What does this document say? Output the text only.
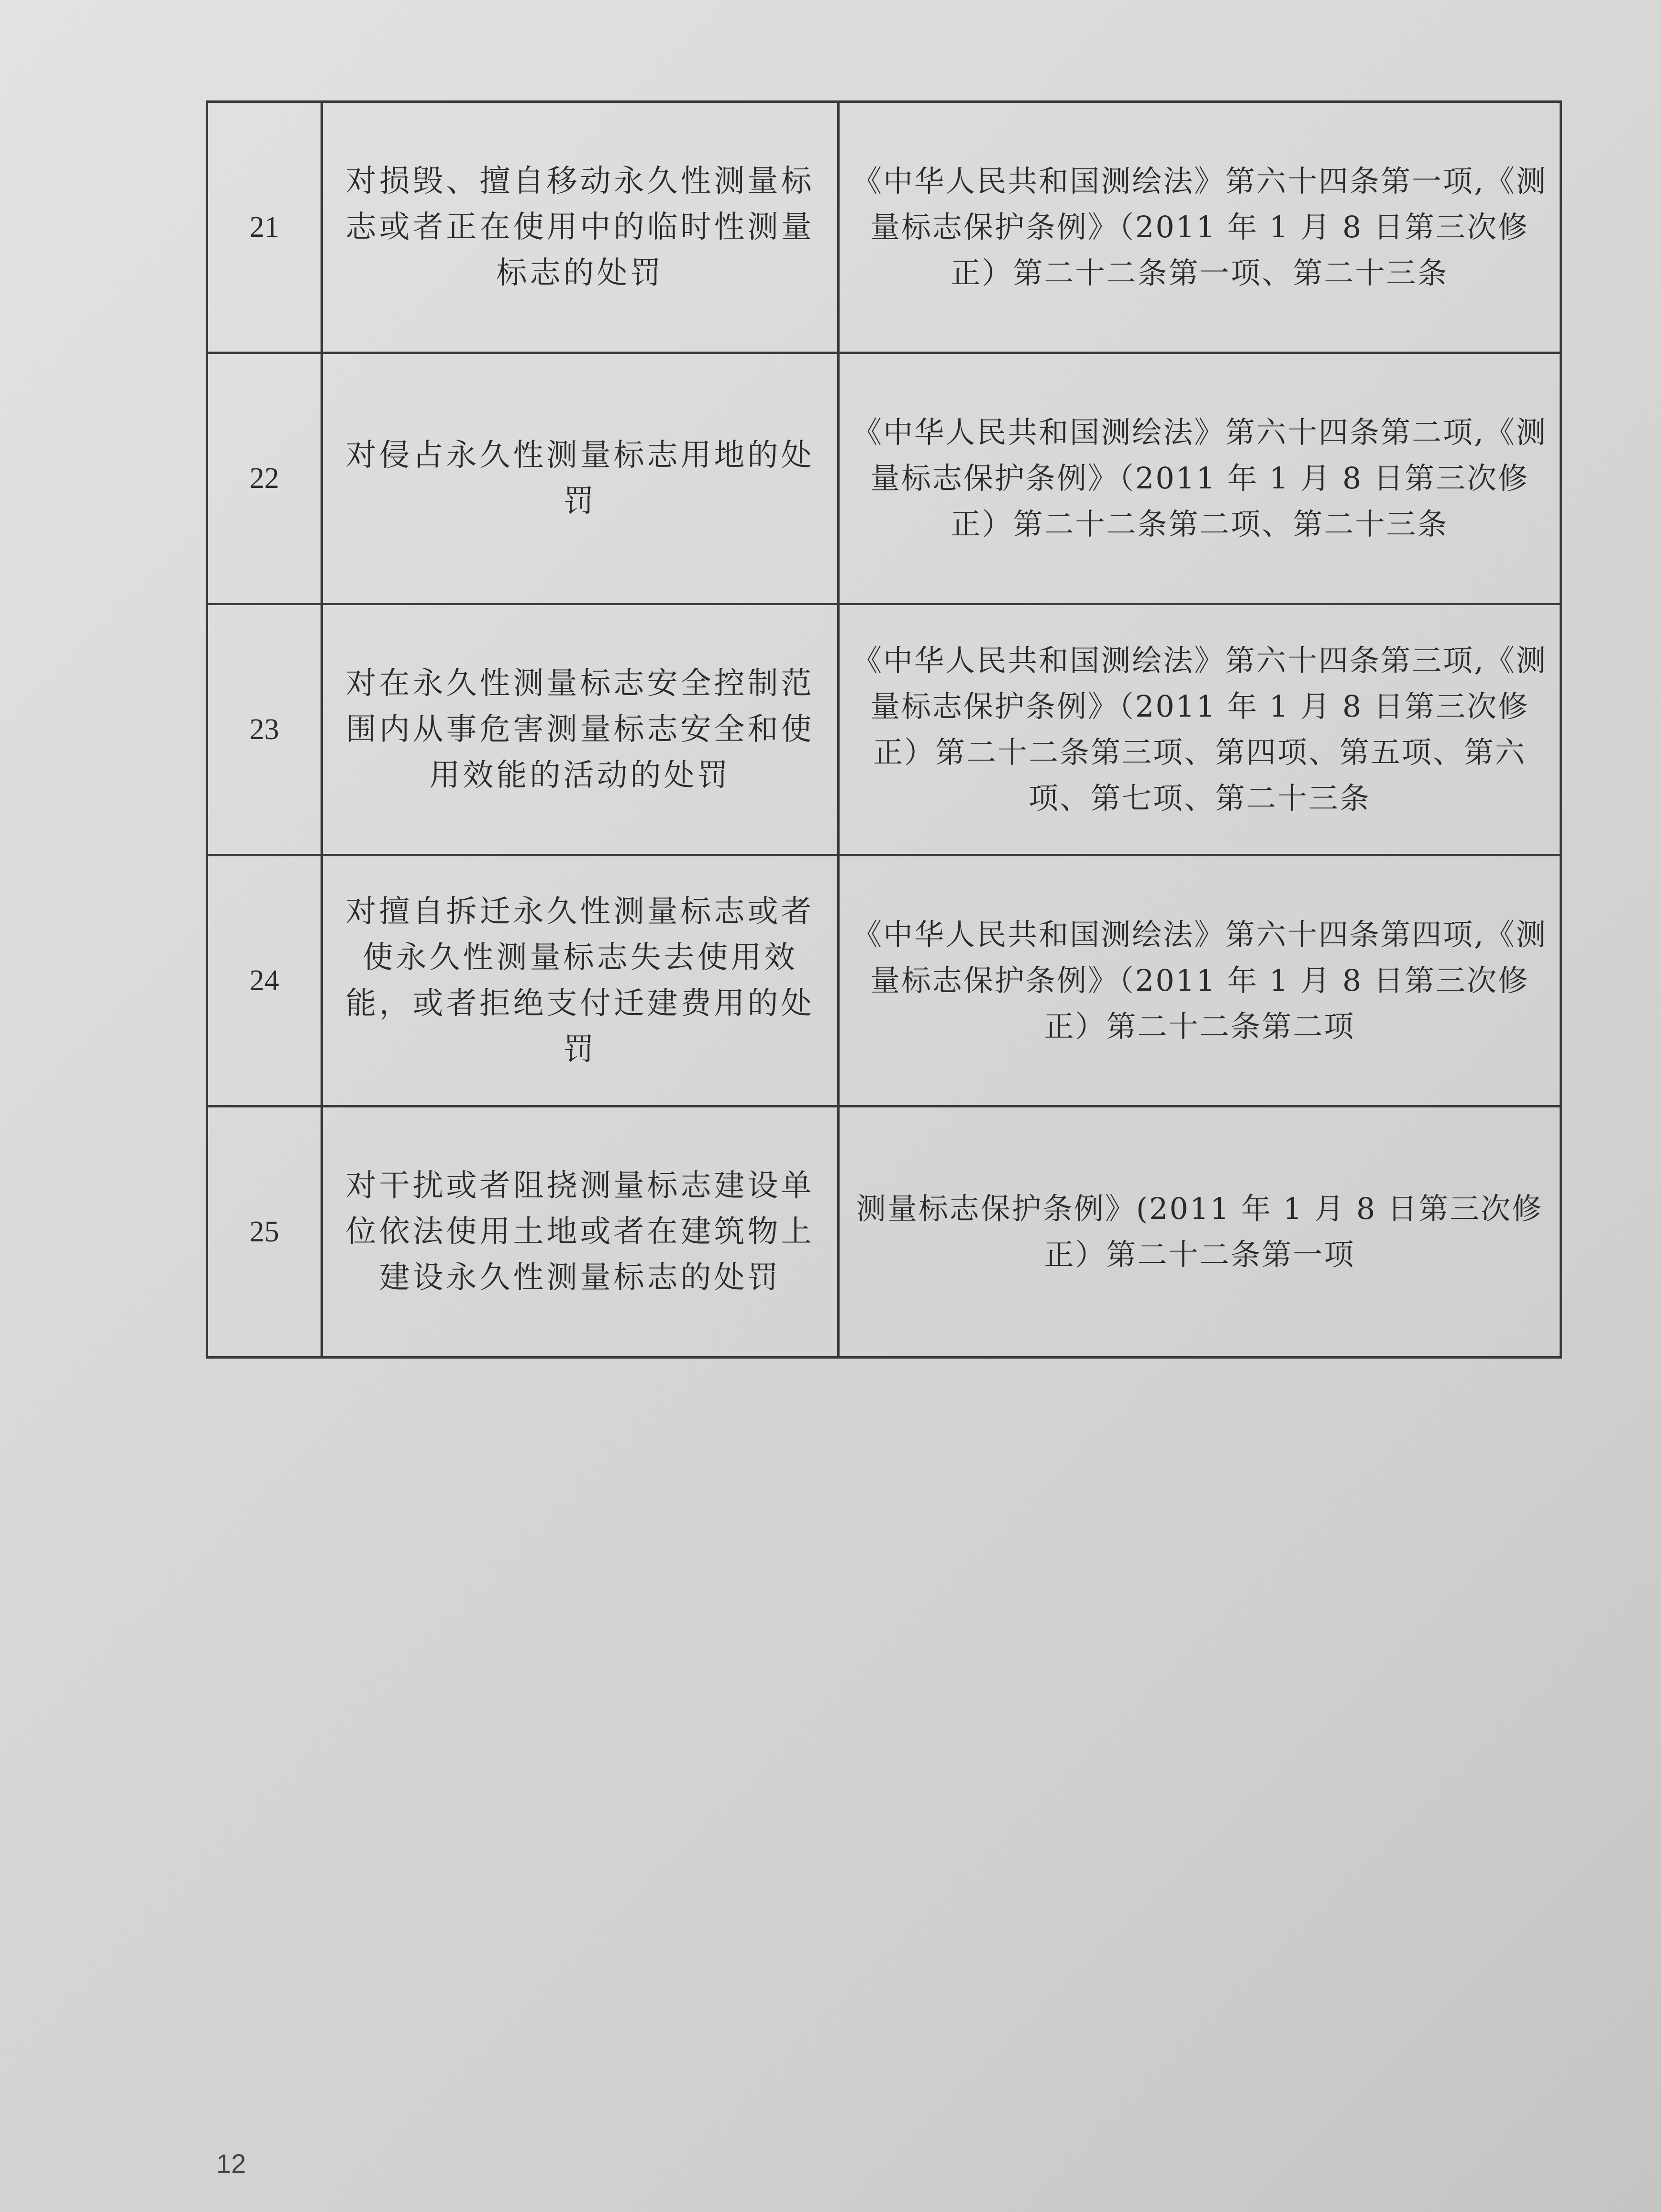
21	对损毁、擅自移动永久性测量标志或者正在使用中的临时性测量标志的处罚	《中华人民共和国测绘法》第六十四条第一项,《测量标志保护条例》（2011 年 1 月 8 日第三次修正）第二十二条第一项、第二十三条
22	对侵占永久性测量标志用地的处罚	《中华人民共和国测绘法》第六十四条第二项,《测量标志保护条例》（2011 年 1 月 8 日第三次修正）第二十二条第二项、第二十三条
23	对在永久性测量标志安全控制范围内从事危害测量标志安全和使用效能的活动的处罚	《中华人民共和国测绘法》第六十四条第三项,《测量标志保护条例》（2011 年 1 月 8 日第三次修正）第二十二条第三项、第四项、第五项、第六项、第七项、第二十三条
24	对擅自拆迁永久性测量标志或者使永久性测量标志失去使用效能，或者拒绝支付迁建费用的处罚	《中华人民共和国测绘法》第六十四条第四项,《测量标志保护条例》（2011 年 1 月 8 日第三次修正）第二十二条第二项
25	对干扰或者阻挠测量标志建设单位依法使用土地或者在建筑物上建设永久性测量标志的处罚	测量标志保护条例》(2011 年 1 月 8 日第三次修正）第二十二条第一项
12
